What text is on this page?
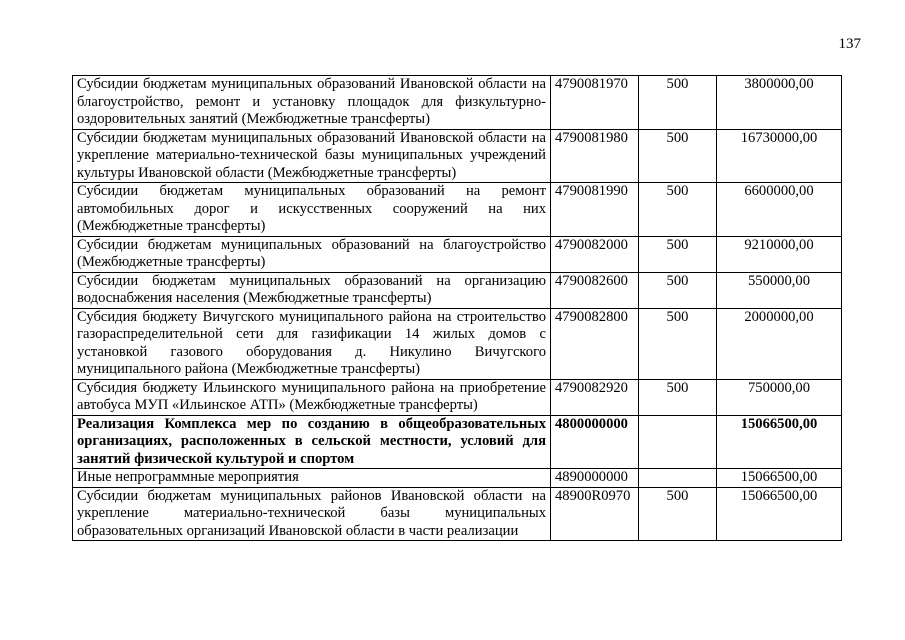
137
Субсидии бюджетам муниципальных образований Ивановской области на благоустройство, ремонт и установку площадок для физкультурно-оздоровительных занятий (Межбюджетные трансферты)	4790081970	500	3800000,00
Субсидии бюджетам муниципальных образований Ивановской области на укрепление материально-технической базы муниципальных учреждений культуры Ивановской области (Межбюджетные трансферты)	4790081980	500	16730000,00
Субсидии бюджетам муниципальных образований на ремонт автомобильных дорог и искусственных сооружений на них (Межбюджетные трансферты)	4790081990	500	6600000,00
Субсидии бюджетам муниципальных образований на благоустройство (Межбюджетные трансферты)	4790082000	500	9210000,00
Субсидии бюджетам муниципальных образований на организацию водоснабжения населения (Межбюджетные трансферты)	4790082600	500	550000,00
Субсидия бюджету Вичугского муниципального района на строительство газораспределительной сети для газификации 14 жилых домов с установкой газового оборудования д. Никулино Вичугского муниципального района (Межбюджетные трансферты)	4790082800	500	2000000,00
Субсидия бюджету Ильинского муниципального района на приобретение автобуса МУП «Ильинское АТП» (Межбюджетные трансферты)	4790082920	500	750000,00
Реализация Комплекса мер по созданию в общеобразовательных организациях, расположенных в сельской местности, условий для занятий физической культурой и спортом	4800000000		15066500,00
Иные непрограммные мероприятия	4890000000		15066500,00
Субсидии бюджетам муниципальных районов Ивановской области на укрепление материально-технической базы муниципальных образовательных организаций Ивановской области в части реализации	48900R0970	500	15066500,00
